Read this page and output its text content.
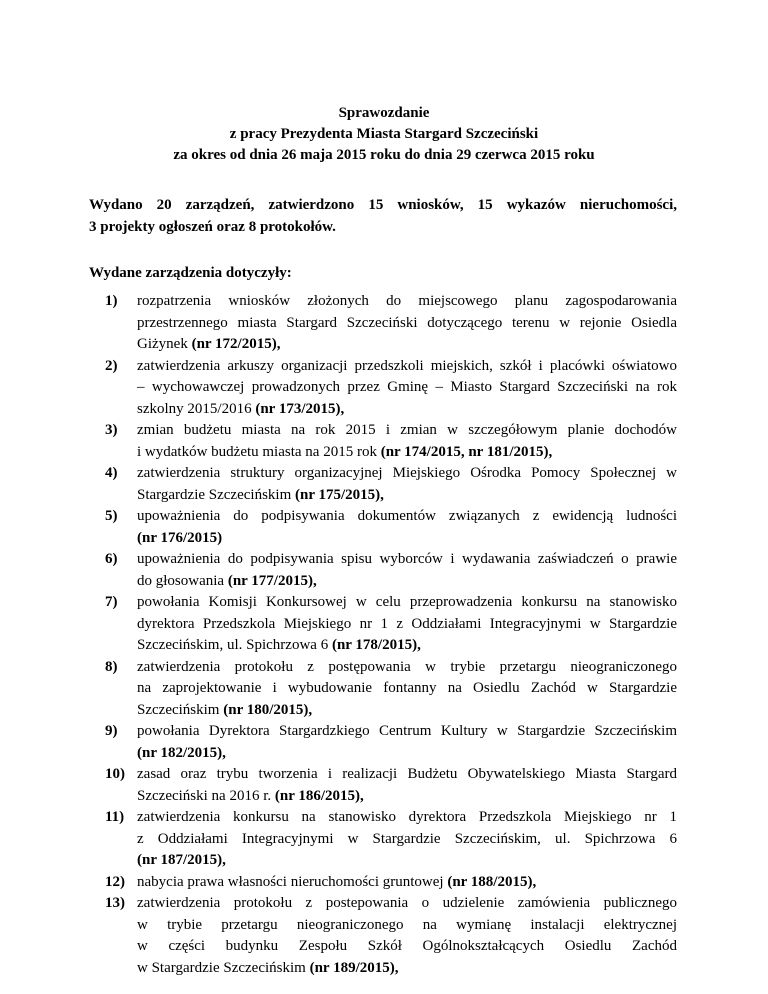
Sprawozdanie
z pracy Prezydenta Miasta Stargard Szczeciński
za okres od dnia 26 maja 2015 roku do dnia 29 czerwca 2015 roku
Wydano 20 zarządzeń, zatwierdzono 15 wniosków, 15 wykazów nieruchomości,
3 projekty ogłoszeń oraz 8 protokołów.
Wydane zarządzenia dotyczyły:
1) rozpatrzenia wniosków złożonych do miejscowego planu zagospodarowania
przestrzennego miasta Stargard Szczeciński dotyczącego terenu w rejonie Osiedla
Giżynek (nr 172/2015),
2) zatwierdzenia arkuszy organizacji przedszkoli miejskich, szkół i placówki oświatowo
– wychowawczej prowadzonych przez Gminę – Miasto Stargard Szczeciński na rok
szkolny 2015/2016 (nr 173/2015),
3) zmian budżetu miasta na rok 2015 i zmian w szczegółowym planie dochodów
i wydatków budżetu miasta na 2015 rok (nr 174/2015, nr 181/2015),
4) zatwierdzenia struktury organizacyjnej Miejskiego Ośrodka Pomocy Społecznej w
Stargardzie Szczecińskim (nr 175/2015),
5) upoważnienia do podpisywania dokumentów związanych z ewidencją ludności
(nr 176/2015)
6) upoważnienia do podpisywania spisu wyborców i wydawania zaświadczeń o prawie
do głosowania (nr 177/2015),
7) powołania Komisji Konkursowej w celu przeprowadzenia konkursu na stanowisko
dyrektora Przedszkola Miejskiego nr 1 z Oddziałami Integracyjnymi w Stargardzie
Szczecińskim, ul. Spichrzowa 6 (nr 178/2015),
8) zatwierdzenia protokołu z postępowania w trybie przetargu nieograniczonego
na zaprojektowanie i wybudowanie fontanny na Osiedlu Zachód w Stargardzie
Szczecińskim (nr 180/2015),
9) powołania Dyrektora Stargardzkiego Centrum Kultury w Stargardzie Szczecińskim
(nr 182/2015),
10) zasad oraz trybu tworzenia i realizacji Budżetu Obywatelskiego Miasta Stargard
Szczeciński na 2016 r. (nr 186/2015),
11) zatwierdzenia konkursu na stanowisko dyrektora Przedszkola Miejskiego nr 1
z Oddziałami Integracyjnymi w Stargardzie Szczecińskim, ul. Spichrzowa 6
(nr 187/2015),
12) nabycia prawa własności nieruchomości gruntowej (nr 188/2015),
13) zatwierdzenia protokołu z postepowania o udzielenie zamówienia publicznego
w trybie przetargu nieograniczonego na wymianę instalacji elektrycznej
w części budynku Zespołu Szkół Ogólnokształcących Osiedlu Zachód
w Stargardzie Szczecińskim (nr 189/2015),
